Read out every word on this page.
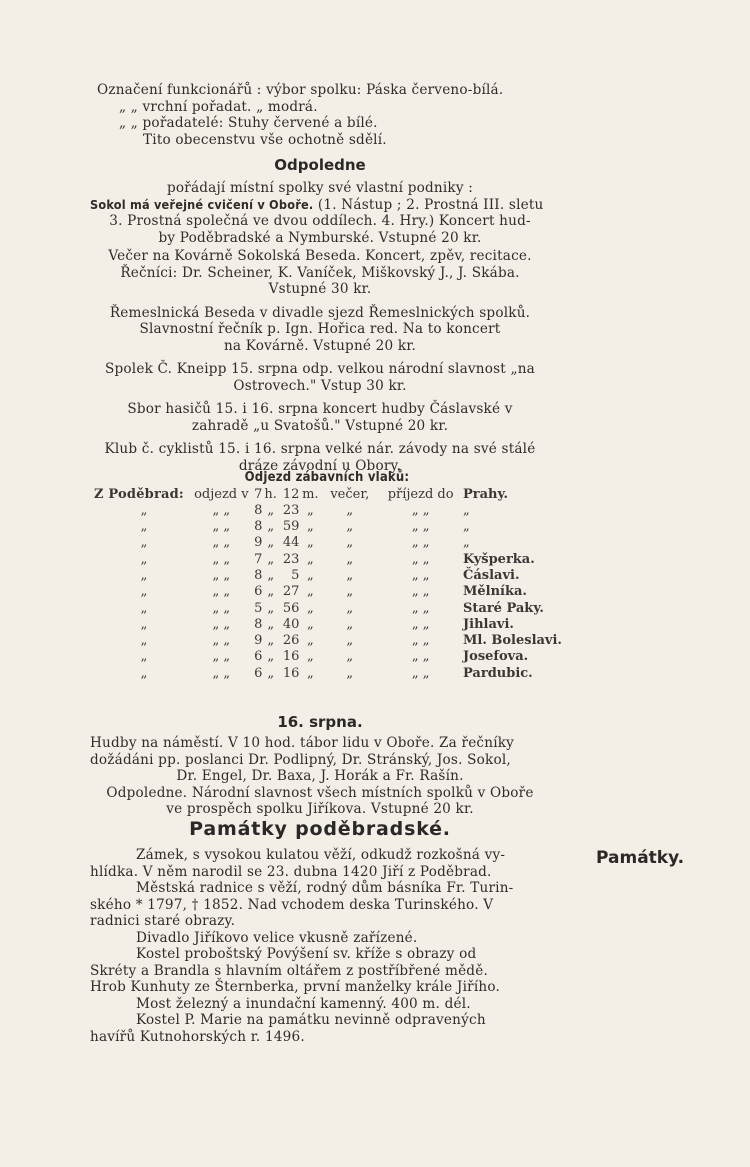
Označení funkcionářů : výbor spolku: Páska červeno-bílá.
„ „ vrchní pořadat. „ modrá.
„ „ pořadatelé: Stuhy červené a bílé.
Tito obecenstvu vše ochotně sdělí.
Odpoledne
pořádají místní spolky své vlastní podniky :
Sokol má veřejné cvičení v Oboře. (1. Nástup ; 2. Prostná III. sletu
3. Prostná společná ve dvou oddílech. 4. Hry.) Koncert hud-
by Poděbradské a Nymburské. Vstupné 20 kr.
Večer na Kovárně Sokolská Beseda. Koncert, zpěv, recitace.
Řečníci: Dr. Scheiner, K. Vaníček, Miškovský J., J. Skába.
Vstupné 30 kr.
Řemeslnická Beseda v divadle sjezd Řemeslnických spolků.
Slavnostní řečník p. Ign. Hořica red. Na to koncert
na Kovárně. Vstupné 20 kr.
Spolek Č. Kneipp 15. srpna odp. velkou národní slavnost „na
Ostrovech." Vstup 30 kr.
Sbor hasičů 15. i 16. srpna koncert hudby Čáslavské v
zahradě „u Svatošů." Vstupné 20 kr.
Klub č. cyklistů 15. i 16. srpna velké nár. závody na své stálé
dráze závodní u Obory.
Odjezd zábavních vlaků:
Z Poděbrad:	odjezd v	7	h.	12	m.	večer,	příjezd do	Prahy.
„	„ „	8	„	23	„	„	„ „	„
„	„ „	8	„	59	„	„	„ „	„
„	„ „	9	„	44	„	„	„ „	„
„	„ „	7	„	23	„	„	„ „	Kyšperka.
„	„ „	8	„	5	„	„	„ „	Čáslavi.
„	„ „	6	„	27	„	„	„ „	Mělníka.
„	„ „	5	„	56	„	„	„ „	Staré Paky.
„	„ „	8	„	40	„	„	„ „	Jihlavi.
„	„ „	9	„	26	„	„	„ „	Ml. Boleslavi.
„	„ „	6	„	16	„	„	„ „	Josefova.
„	„ „	6	„	16	„	„	„ „	Pardubic.
16. srpna.
Hudby na náměstí. V 10 hod. tábor lidu v Oboře. Za řečníky
dožádáni pp. poslanci Dr. Podlipný, Dr. Stránský, Jos. Sokol,
Dr. Engel, Dr. Baxa, J. Horák a Fr. Rašín.
Odpoledne. Národní slavnost všech místních spolků v Oboře
ve prospěch spolku Jiříkova. Vstupné 20 kr.
Památky poděbradské.
Zámek, s vysokou kulatou věží, odkudž rozkošná vy-
hlídka. V něm narodil se 23. dubna 1420 Jiří z Poděbrad.
Městská radnice s věží, rodný dům básníka Fr. Turin-
ského * 1797, † 1852. Nad vchodem deska Turinského. V
radnici staré obrazy.
Divadlo Jiříkovo velice vkusně zařízené.
Kostel proboštský Povýšení sv. kříže s obrazy od
Skréty a Brandla s hlavním oltářem z postříbřené mědě.
Hrob Kunhuty ze Šternberka, první manželky krále Jiřího.
Most železný a inundační kamenný. 400 m. dél.
Kostel P. Marie na památku nevinně odpravených
havířů Kutnohorských r. 1496.
Památky.
